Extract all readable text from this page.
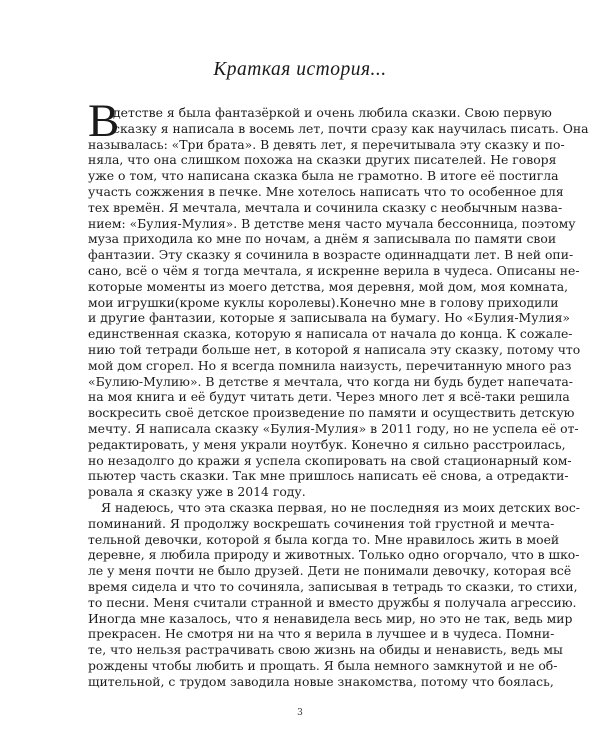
Краткая история...
В
детстве я была фантазёркой и очень любила сказки. Свою первую
сказку я написала в восемь лет, почти сразу как научилась писать. Она
называлась: «Три брата». В девять лет, я перечитывала эту сказку и по-
няла, что она слишком похожа на сказки других писателей. Не говоря
уже о том, что написана сказка была не грамотно. В итоге её постигла
участь сожжения в печке. Мне хотелось написать что то особенное для
тех времён. Я мечтала, мечтала и сочинила сказку с необычным назва-
нием: «Булия-Мулия». В детстве меня часто мучала бессонница, поэтому
муза приходила ко мне по ночам, а днём я записывала по памяти свои
фантазии. Эту сказку я сочинила в возрасте одиннадцати лет. В ней опи-
сано, всё о чём я тогда мечтала, я искренне верила в чудеса. Описаны не-
которые моменты из моего детства, моя деревня, мой дом, моя комната,
мои игрушки(кроме куклы королевы).Конечно мне в голову приходили
и другие фантазии, которые я записывала на бумагу. Но «Булия-Мулия»
единственная сказка, которую я написала от начала до конца. К сожале-
нию той тетради больше нет, в которой я написала эту сказку, потому что
мой дом сгорел. Но я всегда помнила наизусть, перечитанную много раз
«Булию-Мулию». В детстве я мечтала, что когда ни будь будет напечата-
на моя книга и её будут читать дети. Через много лет я всё-таки решила
воскресить своё детское произведение по памяти и осуществить детскую
мечту. Я написала сказку «Булия-Мулия» в 2011 году, но не успела её от-
редактировать, у меня украли ноутбук. Конечно я сильно расстроилась,
но незадолго до кражи я успела скопировать на свой стационарный ком-
пьютер часть сказки. Так мне пришлось написать её снова, а отредакти-
ровала я сказку уже в 2014 году.
Я надеюсь, что эта сказка первая, но не последняя из моих детских вос-
поминаний. Я продолжу воскрешать сочинения той грустной и мечта-
тельной девочки, которой я была когда то. Мне нравилось жить в моей
деревне, я любила природу и животных. Только одно огорчало, что в шко-
ле у меня почти не было друзей. Дети не понимали девочку, которая всё
время сидела и что то сочиняла, записывая в тетрадь то сказки, то стихи,
то песни. Меня считали странной и вместо дружбы я получала агрессию.
Иногда мне казалось, что я ненавидела весь мир, но это не так, ведь мир
прекрасен. Не смотря ни на что я верила в лучшее и в чудеса. Помни-
те, что нельзя растрачивать свою жизнь на обиды и ненависть, ведь мы
рождены чтобы любить и прощать. Я была немного замкнутой и не об-
щительной, с трудом заводила новые знакомства, потому что боялась,
3
